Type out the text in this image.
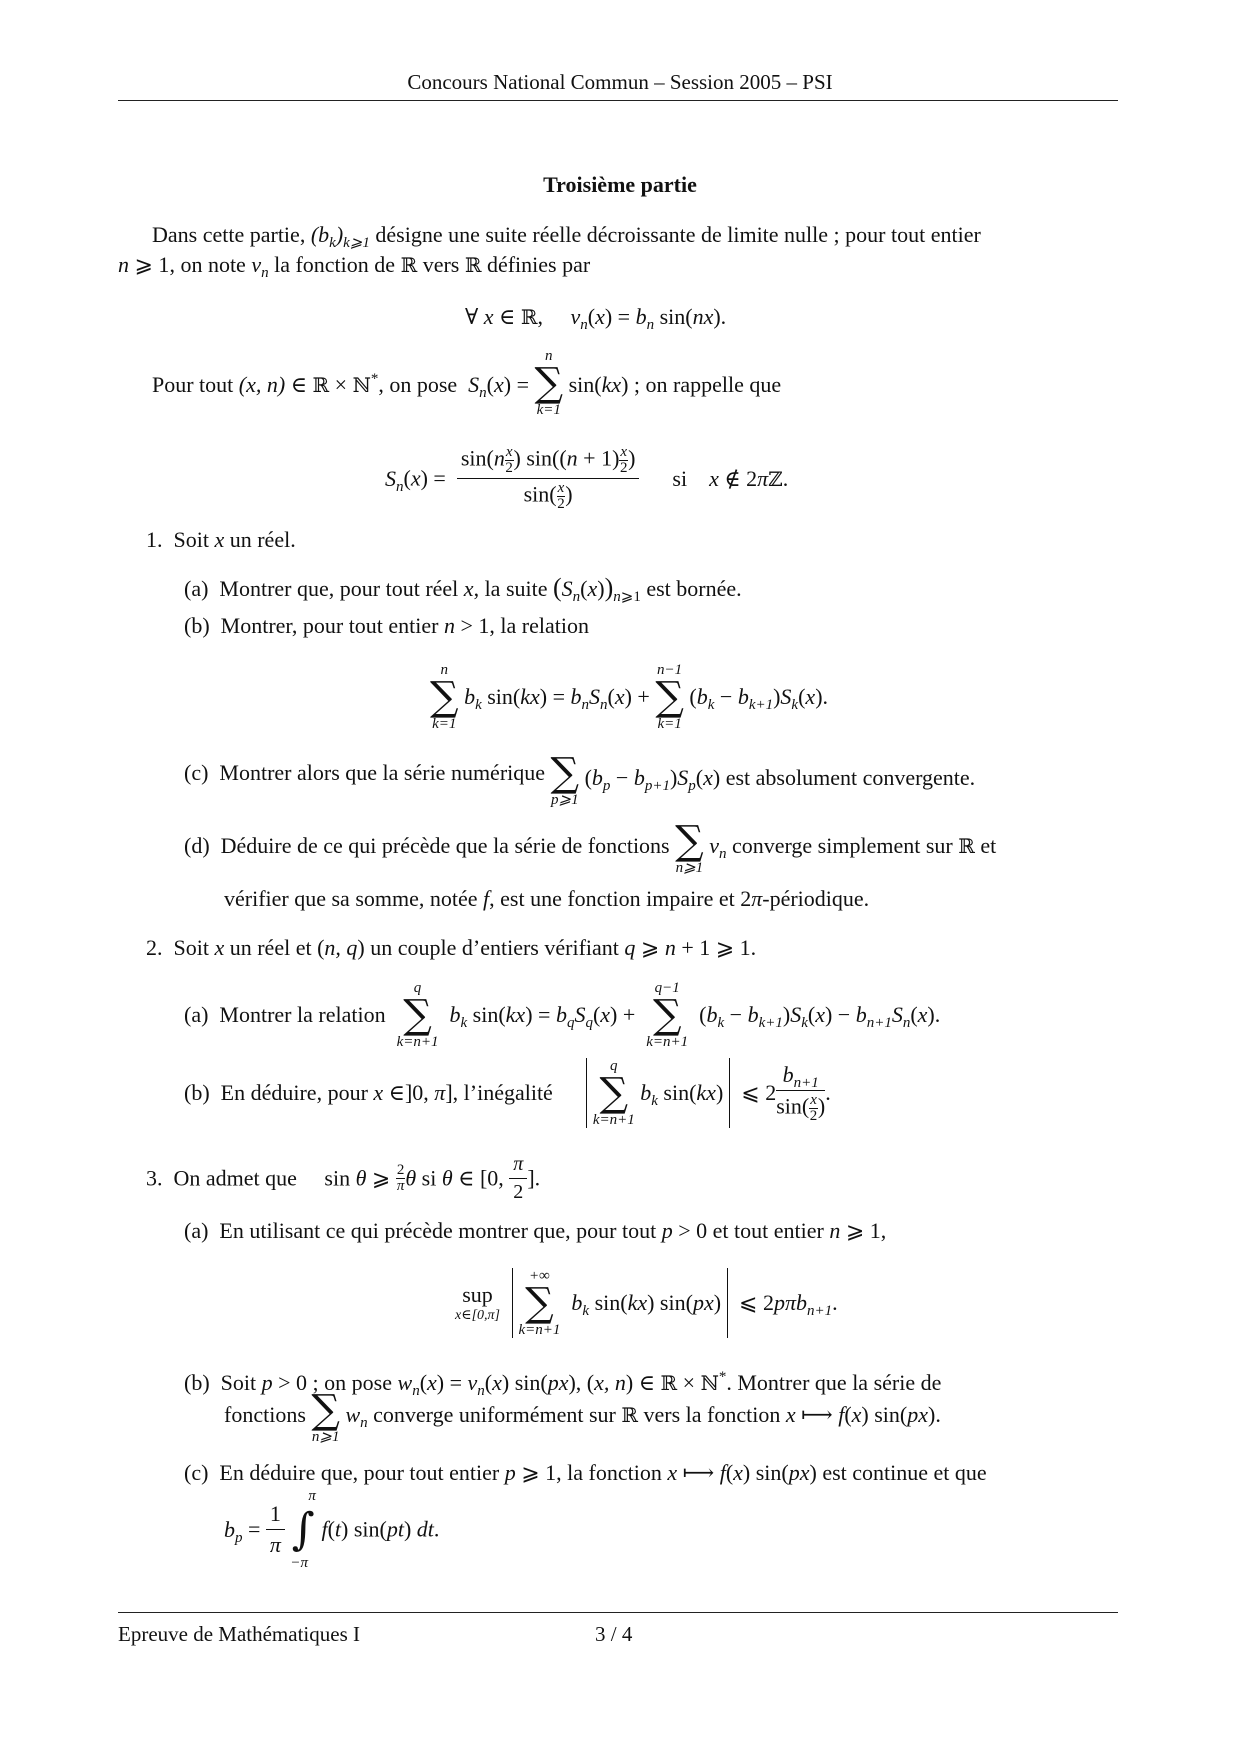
Concours National Commun – Session 2005 – PSI
Troisième partie
Dans cette partie, $(b_k)_{k⩾1}$ désigne une suite réelle décroissante de limite nulle ; pour tout entier
n ⩾ 1, on note $v_n$ la fonction de ℝ vers ℝ définies par
∀ x ∈ ℝ,     $v_n(x) = b_n$ sin(nx).
Pour tout (x, n) ∈ ℝ × ℕ*, on pose $S_n(x)$ =
n
∑
k=1
sin(kx) ; on rappelle que
$S_n(x) = \frac{\sin(n \frac{x}{2}) \sin((n + 1) \frac{x}{2})}{\sin( \frac{x}{2})}$ si x ∉ 2πℤ.
1. Soit x un réel.
(a) Montrer que, pour tout réel x, la suite $(S_n(x))_{n⩾1}$ est bornée.
(b) Montrer, pour tout entier n > 1, la relation
n
∑
k=1
$b_k$ $\sin(kx) = b_nS_n(x)$ +
n−1
∑
k=1
$(b_k - b_{k+1})S_k(x)$.
(c) Montrer alors que la série numérique ∑
p⩾1
$(b_p - b_{p+1})S_p(x)$ est absolument convergente.
(d) Déduire de ce qui précède que la série de fonctions ∑
n⩾1
$v_n$ converge simplement sur ℝ et
vérifier que sa somme, notée f, est une fonction impaire et 2π-périodique.
2. Soit x un réel et (n, q) un couple d’entiers vérifiant q ⩾ n + 1 ⩾ 1.
(a) Montrer la relation
q
∑
k=n+1
$b_k$ $\sin(kx) = b_qS_q(x)$ +
q−1
∑
k=n+1
$(b_k - b_{k+1})S_k(x) - b_{n+1}S_n(x)$.
(b) En déduire, pour x ∈]0, π], l’inégalité
q
∑
k=n+1
$b_k$ sin(kx)  ⩽ $2 \frac{b_{n+1}}{\sin( \frac{x}{2})}$ .
3. On admet que     sin θ ⩾ $\frac{2}{\pi}\theta$ si θ ∈ [0, $\frac{\pi}{2}$ ].
(a) En utilisant ce qui précède montrer que, pour tout p > 0 et tout entier n ⩾ 1,
sup
x∈[0,π]

+∞
∑
k=n+1
$b_k$ sin(kx) sin(px)  ⩽ 2pπb$_{n+1}$.
(b) Soit p > 0 ; on pose $w_n(x) = v_n(x)$ sin(px), (x, n) ∈ ℝ × ℕ*. Montrer que la série de
fonctions ∑
n⩾1
$w_n$ converge uniformément sur ℝ vers la fonction x ⟼ f(x) sin(px).
(c) En déduire que, pour tout entier p ⩾ 1, la fonction x ⟼ f(x) sin(px) est continue et que
$b_p = \frac{1}{\pi}$

π
∫
−π
f(t) sin(pt) dt.
Epreuve de Mathématiques I	3 / 4
